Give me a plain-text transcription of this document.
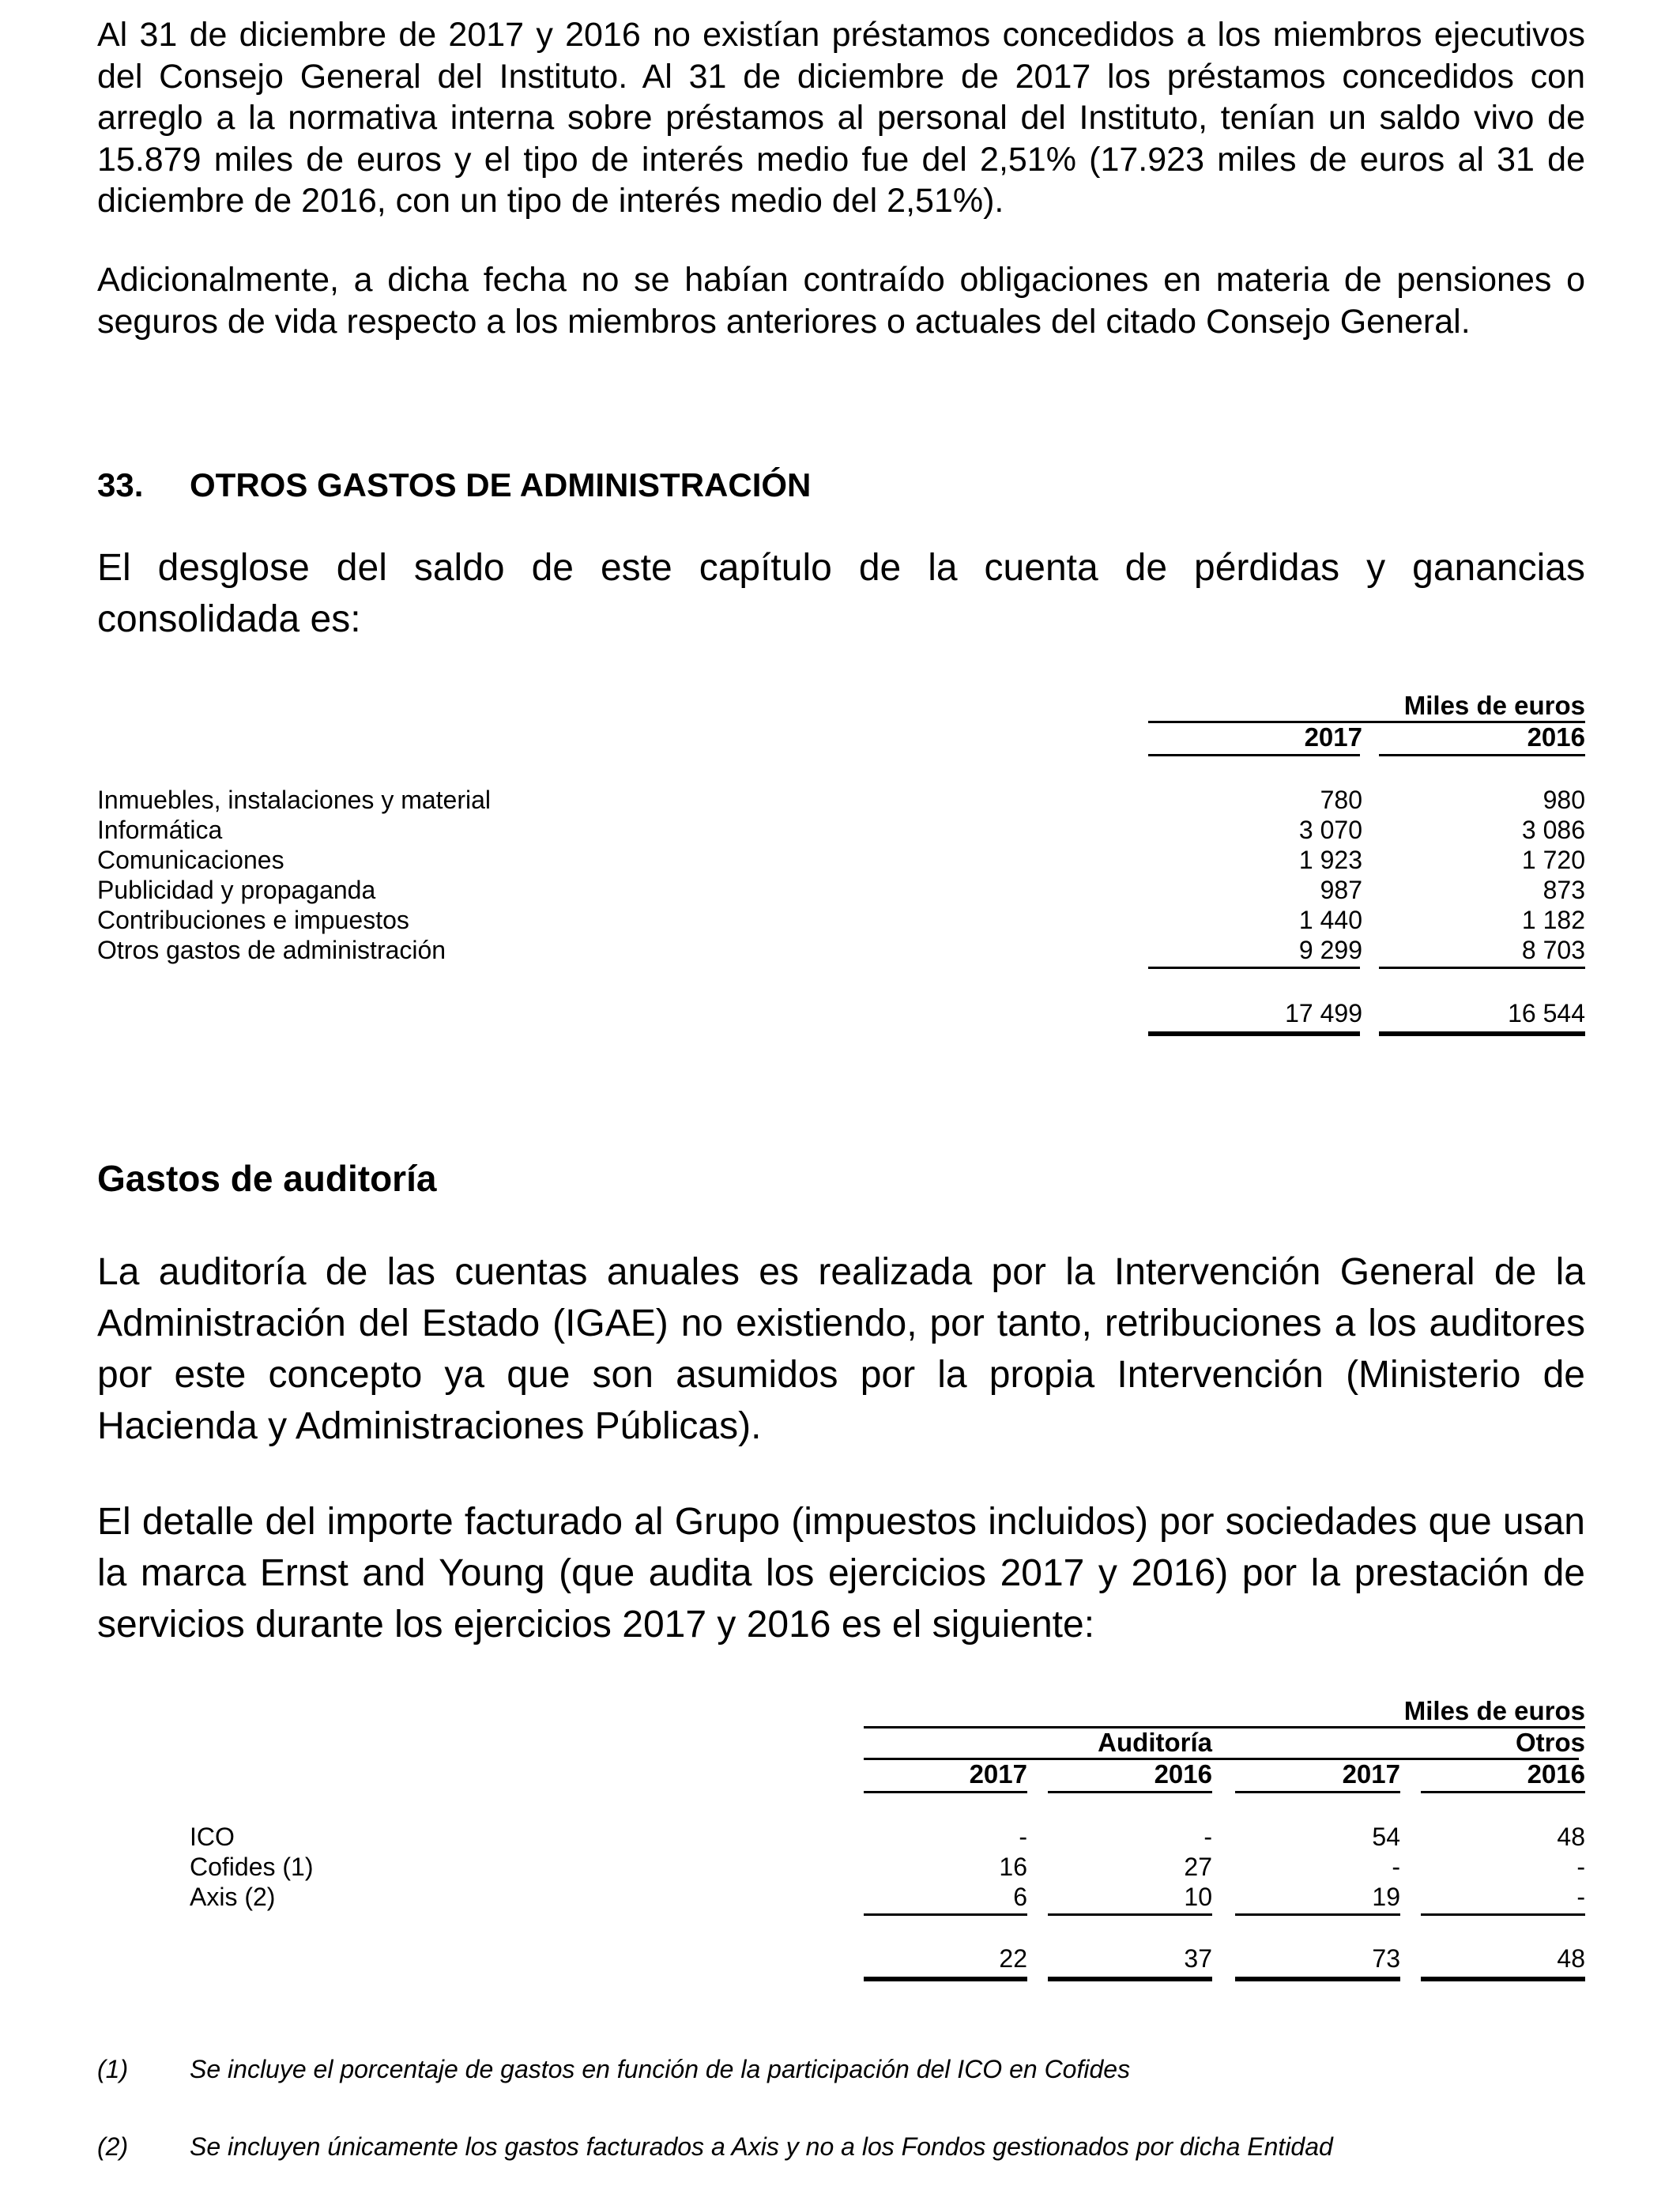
Al 31 de diciembre de 2017 y 2016 no existían préstamos concedidos a los miembros ejecutivos del Consejo General del Instituto. Al 31 de diciembre de 2017 los préstamos concedidos con arreglo a la normativa interna sobre préstamos al personal del Instituto, tenían un saldo vivo de 15.879 miles de euros y el tipo de interés medio fue del 2,51% (17.923 miles de euros al 31 de diciembre de 2016, con un tipo de interés medio del 2,51%).

Adicionalmente, a dicha fecha no se habían contraído obligaciones en materia de pensiones o seguros de vida respecto a los miembros anteriores o actuales del citado Consejo General.

33. OTROS GASTOS DE ADMINISTRACIÓN

El desglose del saldo de este capítulo de la cuenta de pérdidas y ganancias consolidada es:

Miles de euros
2017	2016
Inmuebles, instalaciones y material	780	980
Informática	3 070	3 086
Comunicaciones	1 923	1 720
Publicidad y propaganda	987	873
Contribuciones e impuestos	1 440	1 182
Otros gastos de administración	9 299	8 703
17 499	16 544
Gastos de auditoría

La auditoría de las cuentas anuales es realizada por la Intervención General de la Administración del Estado (IGAE) no existiendo, por tanto, retribuciones a los auditores por este concepto ya que son asumidos por la propia Intervención (Ministerio de Hacienda y Administraciones Públicas).

El detalle del importe facturado al Grupo (impuestos incluidos) por sociedades que usan la marca Ernst and Young (que audita los ejercicios 2017 y 2016) por la prestación de servicios durante los ejercicios 2017 y 2016 es el siguiente:

Miles de euros
Auditoría	Otros
2017	2016	2017	2016
ICO	-	-	54	48
Cofides (1)	16	27	-	-
Axis (2)	6	10	19	-
22	37	73	48
(1) Se incluye el porcentaje de gastos en función de la participación del ICO en Cofides
(2) Se incluyen únicamente los gastos facturados a Axis y no a los Fondos gestionados por dicha Entidad
